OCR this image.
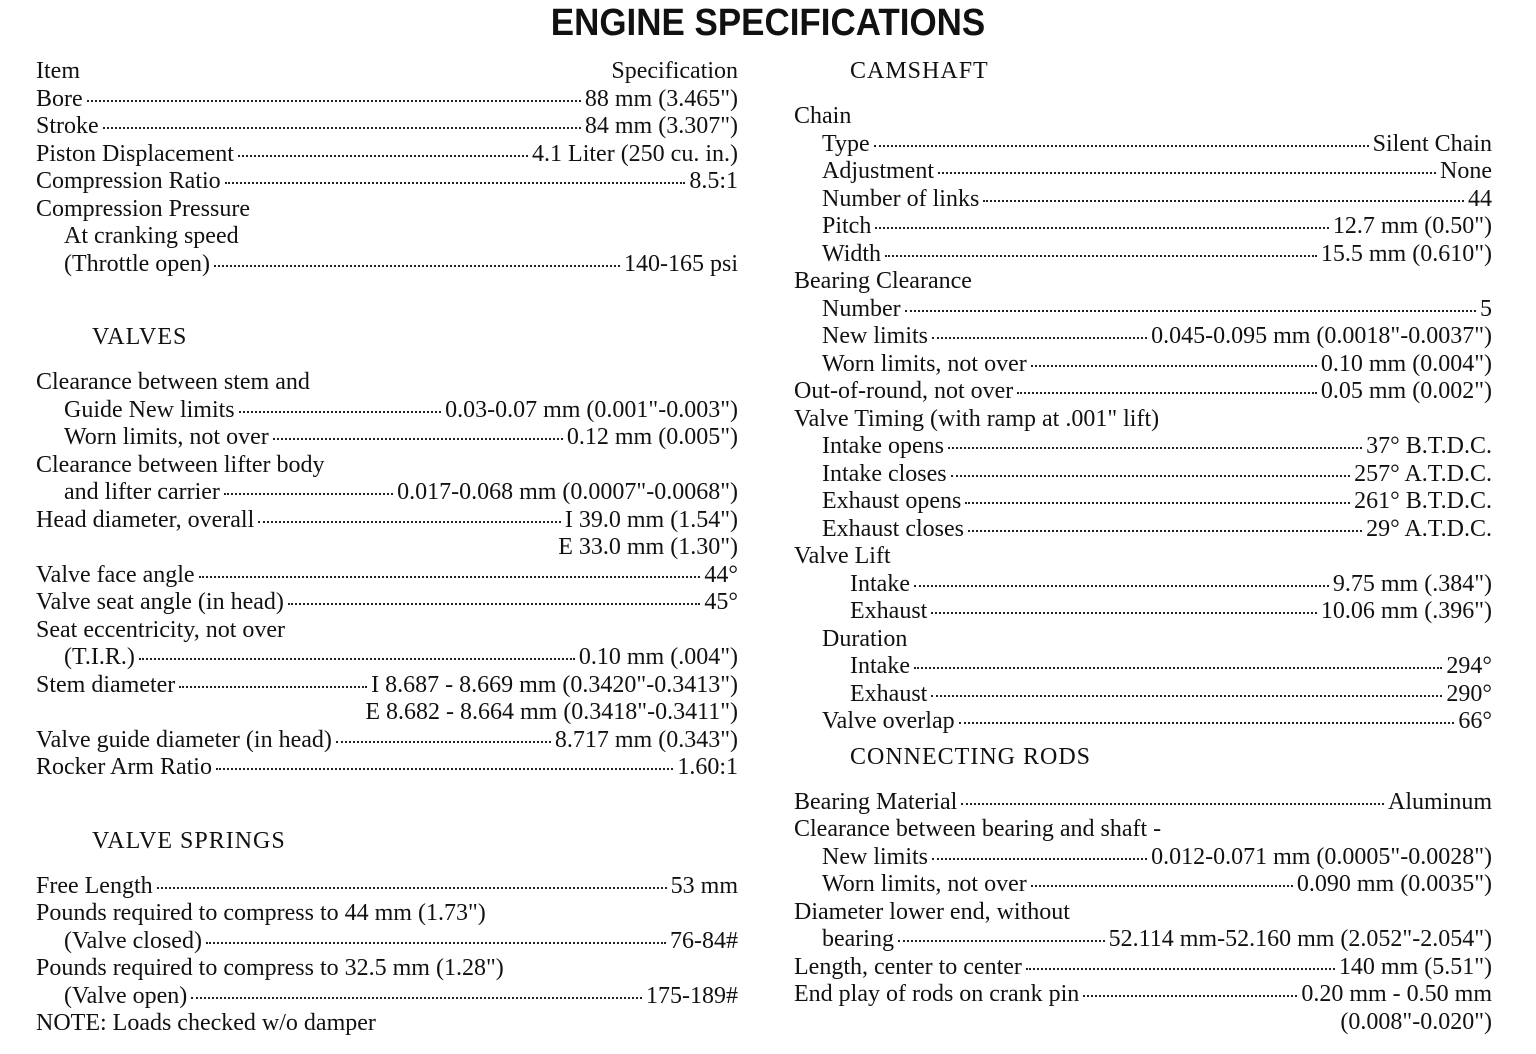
ENGINE SPECIFICATIONS
Item	Specification
Bore	88 mm (3.465")
Stroke	84 mm (3.307")
Piston Displacement	4.1 Liter (250 cu. in.)
Compression Ratio	8.5:1
Compression Pressure
At cranking speed
(Throttle open)	140-165 psi
VALVES
Clearance between stem and
Guide New limits	0.03-0.07 mm (0.001"-0.003")
Worn limits, not over	0.12 mm (0.005")
Clearance between lifter body
and lifter carrier	0.017-0.068 mm (0.0007"-0.0068")
Head diameter, overall	I 39.0 mm (1.54")
E 33.0 mm (1.30")
Valve face angle	44°
Valve seat angle (in head)	45°
Seat eccentricity, not over
(T.I.R.)	0.10 mm (.004")
Stem diameter	I 8.687 - 8.669 mm (0.3420"-0.3413")
E 8.682 - 8.664 mm (0.3418"-0.3411")
Valve guide diameter (in head)	8.717 mm (0.343")
Rocker Arm Ratio	1.60:1
VALVE SPRINGS
Free Length	53 mm
Pounds required to compress to 44 mm (1.73")
(Valve closed)	76-84#
Pounds required to compress to 32.5 mm (1.28")
(Valve open)	175-189#
NOTE: Loads checked w/o damper
CAMSHAFT
Chain
Type	Silent Chain
Adjustment	None
Number of links	44
Pitch	12.7 mm (0.50")
Width	15.5 mm (0.610")
Bearing Clearance
Number	5
New limits	0.045-0.095 mm (0.0018"-0.0037")
Worn limits, not over	0.10 mm (0.004")
Out-of-round, not over	0.05 mm (0.002")
Valve Timing (with ramp at .001" lift)
Intake opens	37° B.T.D.C.
Intake closes	257° A.T.D.C.
Exhaust opens	261° B.T.D.C.
Exhaust closes	29° A.T.D.C.
Valve Lift
Intake	9.75 mm (.384")
Exhaust	10.06 mm (.396")
Duration
Intake	294°
Exhaust	290°
Valve overlap	66°
CONNECTING RODS
Bearing Material	Aluminum
Clearance between bearing and shaft -
New limits	0.012-0.071 mm (0.0005"-0.0028")
Worn limits, not over	0.090 mm (0.0035")
Diameter lower end, without
bearing	52.114 mm-52.160 mm (2.052"-2.054")
Length, center to center	140 mm (5.51")
End play of rods on crank pin	0.20 mm - 0.50 mm
(0.008"-0.020")
